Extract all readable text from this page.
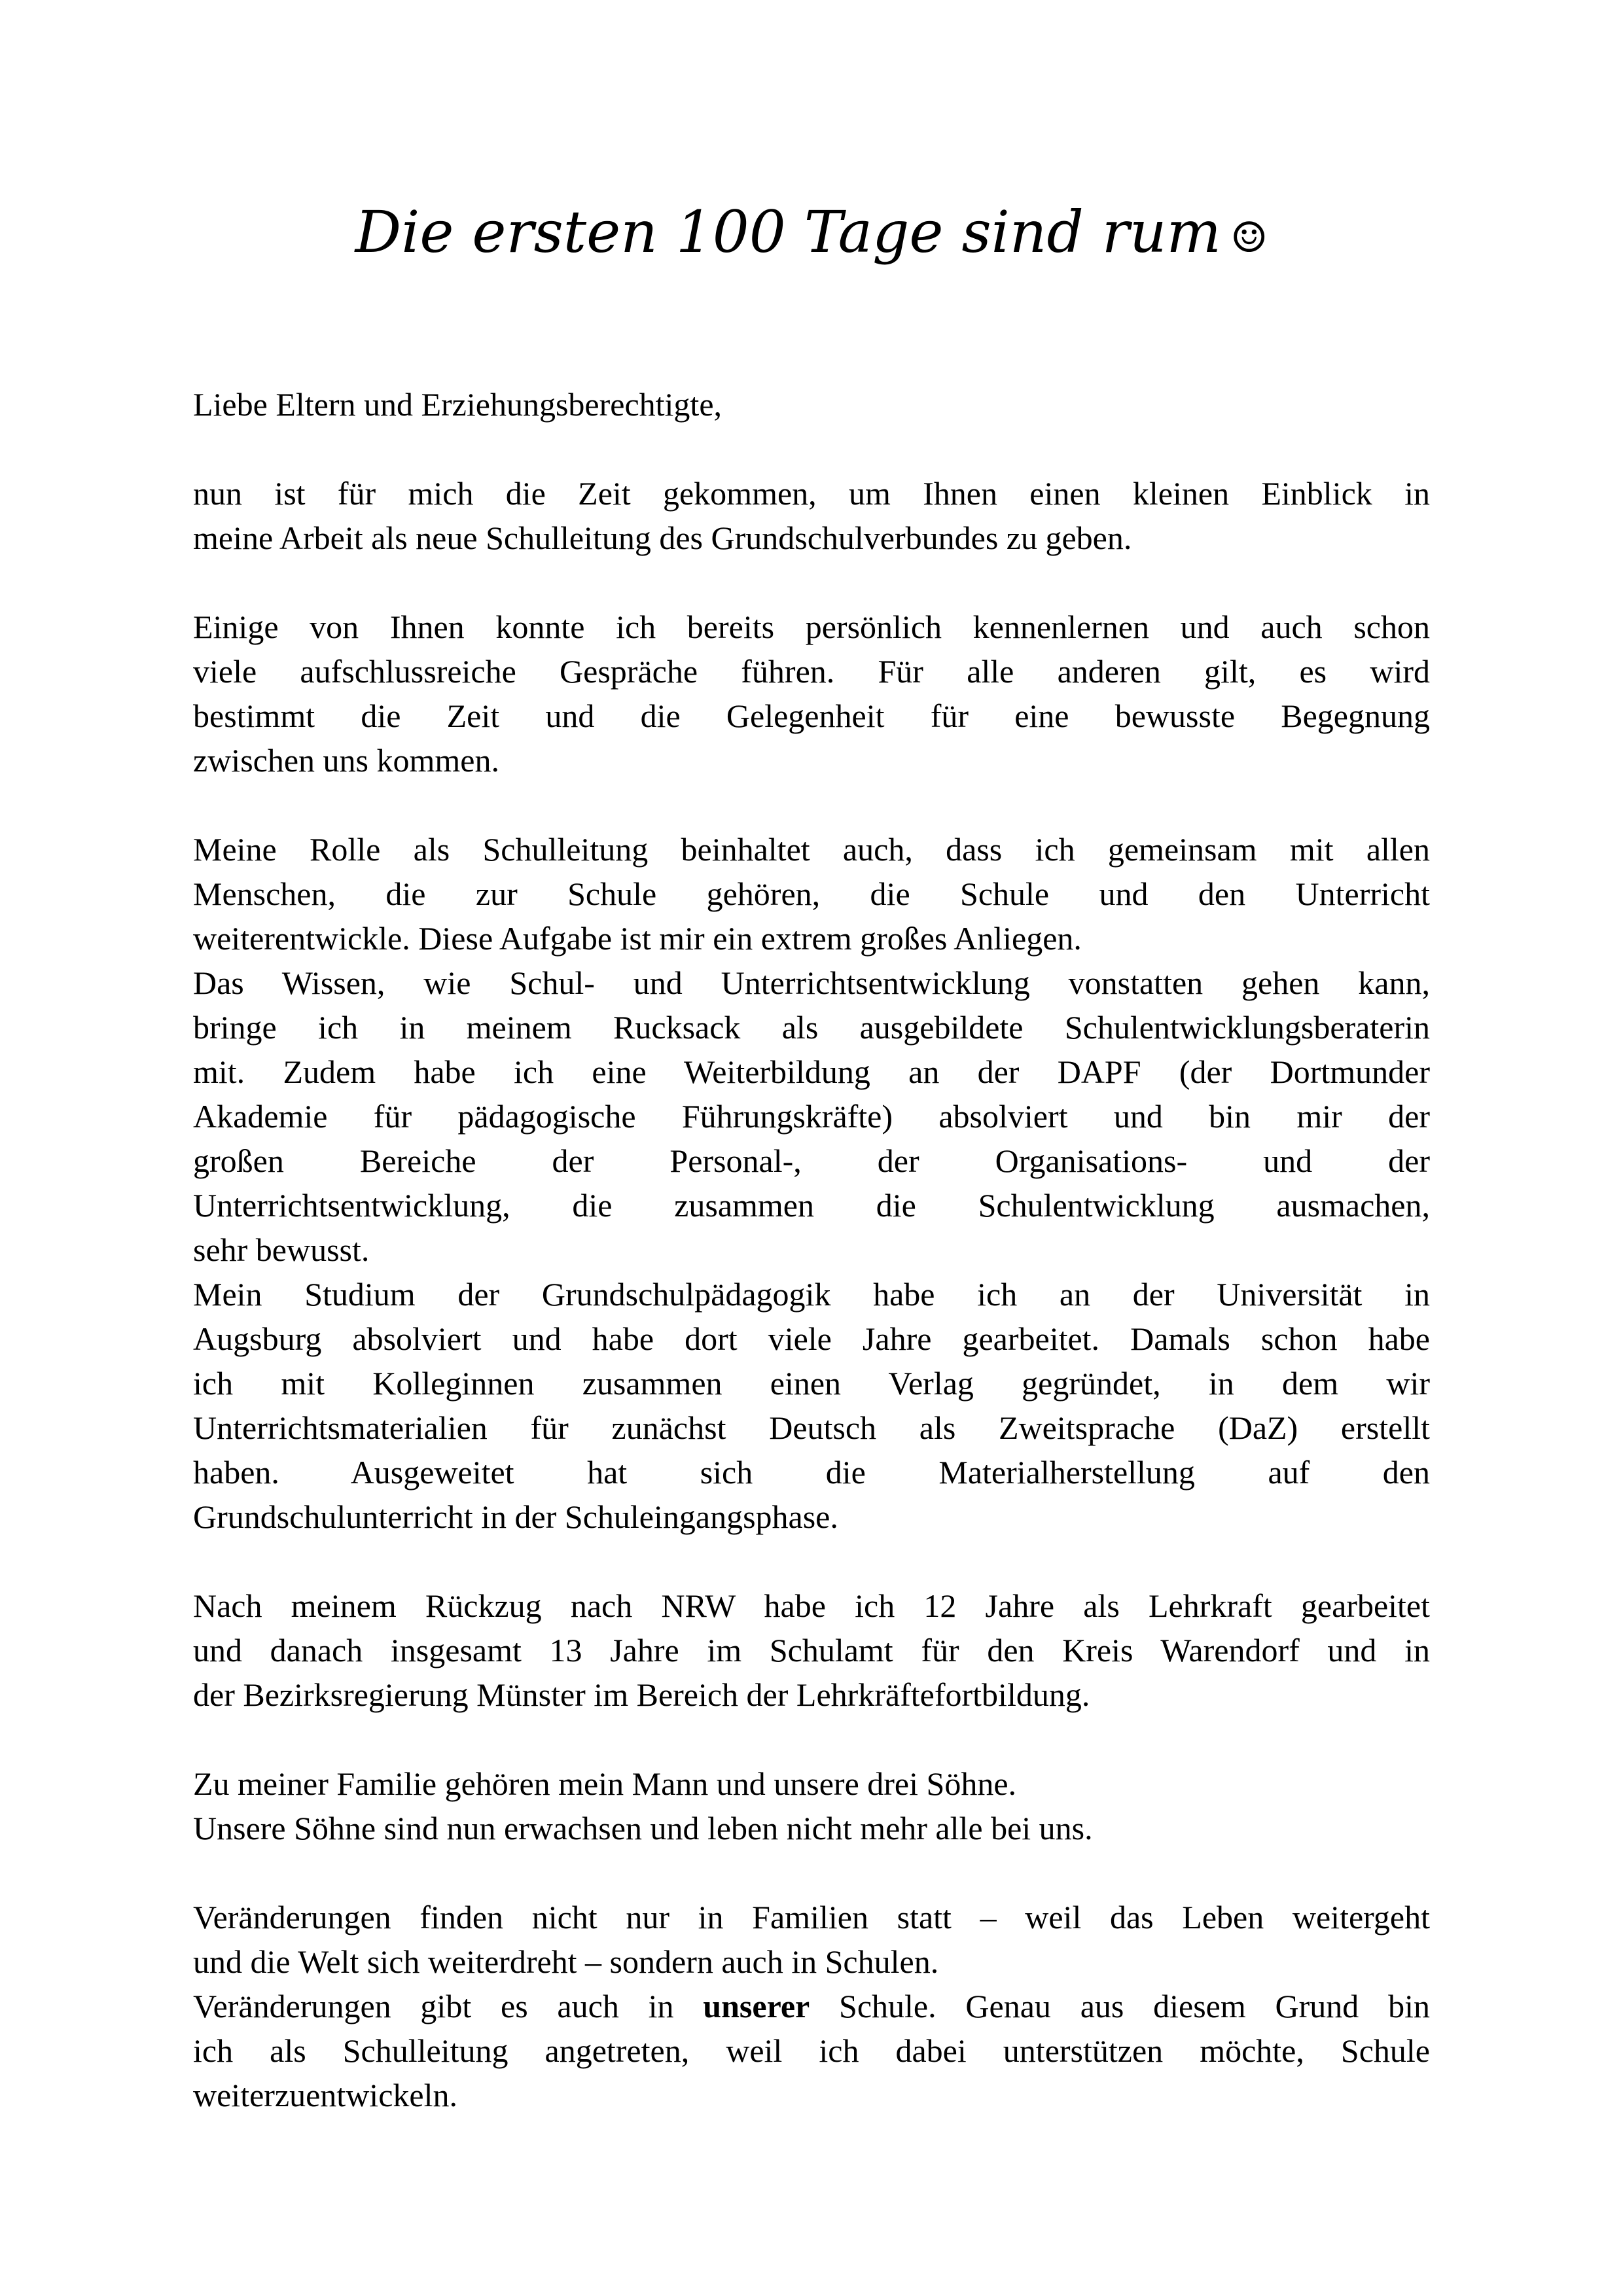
Die ersten 100 Tage sind rum ☺
Liebe Eltern und Erziehungsberechtigte,
nun ist für mich die Zeit gekommen, um Ihnen einen kleinen Einblick in
meine Arbeit als neue Schulleitung des Grundschulverbundes zu geben.
Einige von Ihnen konnte ich bereits persönlich kennenlernen und auch schon
viele aufschlussreiche Gespräche führen. Für alle anderen gilt, es wird
bestimmt die Zeit und die Gelegenheit für eine bewusste Begegnung
zwischen uns kommen.
Meine Rolle als Schulleitung beinhaltet auch, dass ich gemeinsam mit allen
Menschen, die zur Schule gehören, die Schule und den Unterricht
weiterentwickle. Diese Aufgabe ist mir ein extrem großes Anliegen.
Das Wissen, wie Schul- und Unterrichtsentwicklung vonstatten gehen kann,
bringe ich in meinem Rucksack als ausgebildete Schulentwicklungsberaterin
mit. Zudem habe ich eine Weiterbildung an der DAPF (der Dortmunder
Akademie für pädagogische Führungskräfte) absolviert und bin mir der
großen Bereiche der Personal-, der Organisations- und der
Unterrichtsentwicklung, die zusammen die Schulentwicklung ausmachen,
sehr bewusst.
Mein Studium der Grundschulpädagogik habe ich an der Universität in
Augsburg absolviert und habe dort viele Jahre gearbeitet. Damals schon habe
ich mit Kolleginnen zusammen einen Verlag gegründet, in dem wir
Unterrichtsmaterialien für zunächst Deutsch als Zweitsprache (DaZ) erstellt
haben. Ausgeweitet hat sich die Materialherstellung auf den
Grundschulunterricht in der Schuleingangsphase.
Nach meinem Rückzug nach NRW habe ich 12 Jahre als Lehrkraft gearbeitet
und danach insgesamt 13 Jahre im Schulamt für den Kreis Warendorf und in
der Bezirksregierung Münster im Bereich der Lehrkräftefortbildung.
Zu meiner Familie gehören mein Mann und unsere drei Söhne.
Unsere Söhne sind nun erwachsen und leben nicht mehr alle bei uns.
Veränderungen finden nicht nur in Familien statt – weil das Leben weitergeht
und die Welt sich weiterdreht – sondern auch in Schulen.
Veränderungen gibt es auch in unserer Schule. Genau aus diesem Grund bin
ich als Schulleitung angetreten, weil ich dabei unterstützen möchte, Schule
weiterzuentwickeln.
